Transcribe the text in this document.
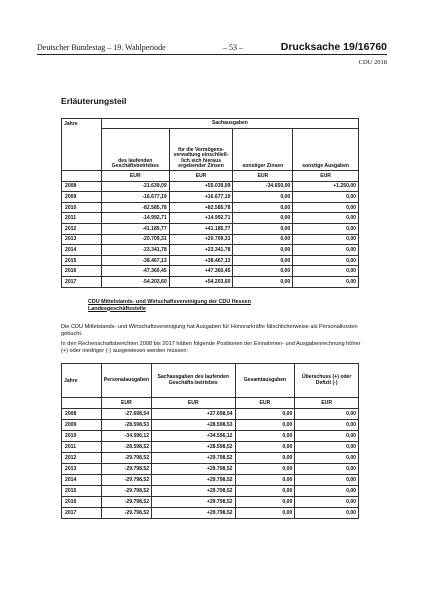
Deutscher Bundestag – 19. Wahlperiode	– 53 –	Drucksache 19/16760
CDU 2018
Erläuterungsteil
Jahre	Sachausgaben			
	des laufenden Geschäftsbetriebes	für die Vermögens-verwaltung einschließ-lich sich hieraus ergebender Zinsen	sonstiger Zinsen	sonstige Ausgaben
	EUR	EUR	EUR	EUR
2008	-21.639,09	+55.039,09	-34.650,00	+1.250,00
2009	-16.677,19	+16.677,19	0,00	0,00
2010	-82.585,78	+82.585,78	0,00	0,00
2011	-14.992,71	+14.992,71	0,00	0,00
2012	-41.185,77	+41.185,77	0,00	0,00
2013	-20.709,31	+20.709,31	0,00	0,00
2014	-23.341,78	+23.341,78	0,00	0,00
2015	-38.467,13	+38.467,13	0,00	0,00
2016	-47.360,45	+47.360,45	0,00	0,00
2017	-54.203,60	+54.203,60	0,00	0,00
CDU Mittelstands- und Wirtschaftsvereinigung der CDU Hessen
Landesgeschäftsstelle
Die CDU Mittelstands- und Wirtschaftsvereinigung hat Ausgaben für Honorarkräfte fälschlicherweise als Personalkosten gebucht.
In den Rechenschaftsberichten 2008 bis 2017 hätten folgende Positionen der Einnahmen- und Ausgabenrechnung höher (+) oder niedriger (-) ausgewiesen werden müssen:
Jahre	Personalausgaben	Sachausgaben des laufenden Geschäfts-betriebes	Gesamtausgaben	Überschuss (+) oder Defizit (-)
	EUR	EUR	EUR	EUR
2008	-27.698,54	+27.698,54	0,00	0,00
2009	-28.598,53	+28.598,53	0,00	0,00
2010	-34.596,12	+34.596,12	0,00	0,00
2011	-28.598,52	+28.598,52	0,00	0,00
2012	-29.798,52	+29.798,52	0,00	0,00
2013	-29.798,52	+29.798,52	0,00	0,00
2014	-29.798,52	+29.798,52	0,00	0,00
2015	-29.798,52	+29.798,52	0,00	0,00
2016	-29.798,52	+29.798,52	0,00	0,00
2017	-29.798,52	+29.798,52	0,00	0,00
